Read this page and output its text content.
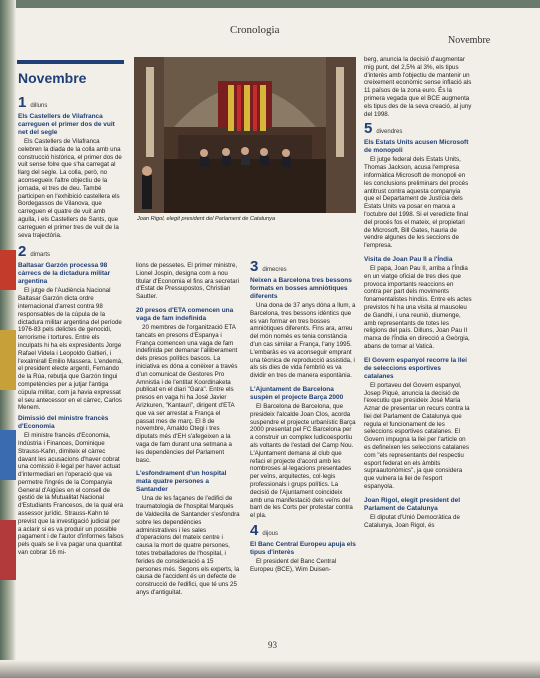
Cronologia
Novembre
Novembre
1 dilluns
Els Castellers de Vilafranca carreguen el primer dos de vuit net del segle

Els Castellers de Vilafranca celebren la diada de la colla amb una construcció històrica, el primer dos de vuit sense folre que s'ha carregat al llarg del segle. La colla, però, no aconsegueix l'altre objectiu de la jornada, el tres de deu. També participen en l'exhibició castellera els Bordegassos de Vilanova, que carreguen el quatre de vuit amb agulla, i els Castellers de Sants, que carreguen el primer tres de vuit de la seva trajectòria.

2 dimarts
Baltasar Garzón processa 98 càrrecs de la dictadura militar argentina

El jutge de l'Audiència Nacional Baltasar Garzón dicta ordre internacional d'arrest contra 98 responsables de la cúpula de la dictadura militar argentina del període 1976-83 pels delictes de genocidi, terrorisme i tortures. Entre els inculpats hi ha els expresidents Jorge Rafael Videla i Leopoldo Galtieri, i l'exalmirall Emilio Massera. L'endemà, el president electe argentí, Fernando de la Rúa, rebutja que Garzón tingui competències per a jutjar l'antiga cúpula militar, com ja havia expressat el seu antecessor en el càrrec, Carlos Menem.

Dimissió del ministre francès d'Economia

El ministre francès d'Economia, Indústria i Finances, Dominique Strauss-Kahn, dimiteix el càrrec davant les acusacions d'haver cobrat una comissió il·legal per haver actuat d'intermediari en l'operació que va permetre l'ingrés de la Companyia General d'Aigües en el consell de gestió de la Mutualitat Nacional d'Estudiants Francesos, de la qual era assessor jurídic. Strauss-Kahn té previst que la investigació judicial per a aclarir si es va produir un possible pagament i de l'autor d'informes falsos pels quals se li va pagar una quantitat van cobrar 16 mi-

Joan Rigol, elegit president del Parlament de Catalunya

lions de pessetes. El primer ministre, Lionel Jospin, designa com a nou titular d'Economia el fins ara secretari d'Estat de Pressupostos, Christian Sautter.

20 presos d'ETA comencen una vaga de fam indefinida

20 membres de l'organització ETA tancats en presons d'Espanya i França comencen una vaga de fam indefinida per demanar l'alliberament dels presos polítics bascos. La iniciativa es dóna a conèixer a través d'un comunicat de Gestores Pro Amnistia i de l'entitat Koordinaketa publicat en el diari "Gara". Entre els presos en vaga hi ha José Javier Arizkuren, "Kantauri", dirigent d'ETA que va ser arrestat a França el passat mes de març. El 8 de novembre, Arnaldo Otegi i tres diputats més d'EH s'afegeixen a la vaga de fam durant una setmana a les dependències del Parlament basc.

L'esfondrament d'un hospital mata quatre persones a Santander

Una de les façanes de l'edifici de traumatologia de l'hospital Marqués de Valdecilla de Santander s'esfondra sobre les dependències administratives i les sales d'operacions del mateix centre i causa la mort de quatre persones, totes treballadores de l'hospital, i ferides de consideració a 15 persones més. Segons els experts, la causa de l'accident és un defecte de construcció de l'edifici, que té uns 25 anys d'antiguitat.

3 dimecres
Neixen a Barcelona tres bessons formats en bosses amniòtiques diferents

Una dona de 37 anys dóna a llum, a Barcelona, tres bessons idèntics que es van formar en tres bosses amniòtiques diferents. Fins ara, arreu del món només es tenia constància d'un cas similar a França, l'any 1995. L'embaràs es va aconseguir emprant una tècnica de reproducció assistida, i als sis dies de vida l'embrió es va dividir en tres de manera espontània.

L'Ajuntament de Barcelona suspèn el projecte Barça 2000

El Barcelona de Barcelona, que presideix l'alcalde Joan Clos, acorda suspendre el projecte urbanístic Barça 2000 presentat pel FC Barcelona per a construir un complex ludicoesportiu als voltants de l'estadi del Camp Nou. L'Ajuntament demana al club que refaci el projecte d'acord amb les nombroses al·legacions presentades per veïns, arquitectes, col·legis professionals i grups polítics. La decisió de l'Ajuntament coincideix amb una manifestació dels veïns del barri de les Corts per protestar contra el pla.

4 dijous
El Banc Central Europeu apuja els tipus d'interès

El president del Banc Central Europeu (BCE), Wim Duisen-

berg, anuncia la decisió d'augmentar mig punt, del 2,5% al 3%, els tipus d'interès amb l'objectiu de mantenir un creixement econòmic sense inflació als 11 països de la zona euro. És la primera vegada que el BCE augmenta els tipus des de la seva creació, al juny del 1998.

5 divendres
Els Estats Units acusen Microsoft de monopoli

El jutge federal dels Estats Units, Thomas Jackson, acusa l'empresa informàtica Microsoft de monopoli en les conclusions preliminars del procés antitrust contra aquesta companyia que el Departament de Justícia dels Estats Units va posar en marxa a l'octubre del 1998. Si el veredicte final del procés fos el mateix, el propietari de Microsoft, Bill Gates, hauria de vendre algunes de les seccions de l'empresa.

Visita de Joan Pau II a l'Índia

El papa, Joan Pau II, arriba a l'Índia en un viatge oficial de tres dies que provoca importants reaccions en contra per part dels moviments fonamentalistes hindús. Entre els actes previstos hi ha una visita al mausoleu de Gandhi, i una reunió, diumenge, amb representants de totes les religions del país. Dilluns, Joan Pau II marxa de l'Índia en direcció a Geòrgia, abans de tornar al Vaticà.

El Govern espanyol recorre la llei de seleccions esportives catalanes

El portaveu del Govern espanyol, Josep Piqué, anuncia la decisió de l'executiu que presideix José María Aznar de presentar un recurs contra la llei del Parlament de Catalunya que regula el funcionament de les seleccions esportives catalanes. El Govern impugna la llei per l'article on es defineixen les seleccions catalanes com "els representants del respectiu esport federat en els àmbits supraautonòmics", ja que considera que vulnera la llei de l'esport espanyola.

Joan Rigol, elegit president del Parlament de Catalunya

El diputat d'Unió Democràtica de Catalunya, Joan Rigol, és

93
